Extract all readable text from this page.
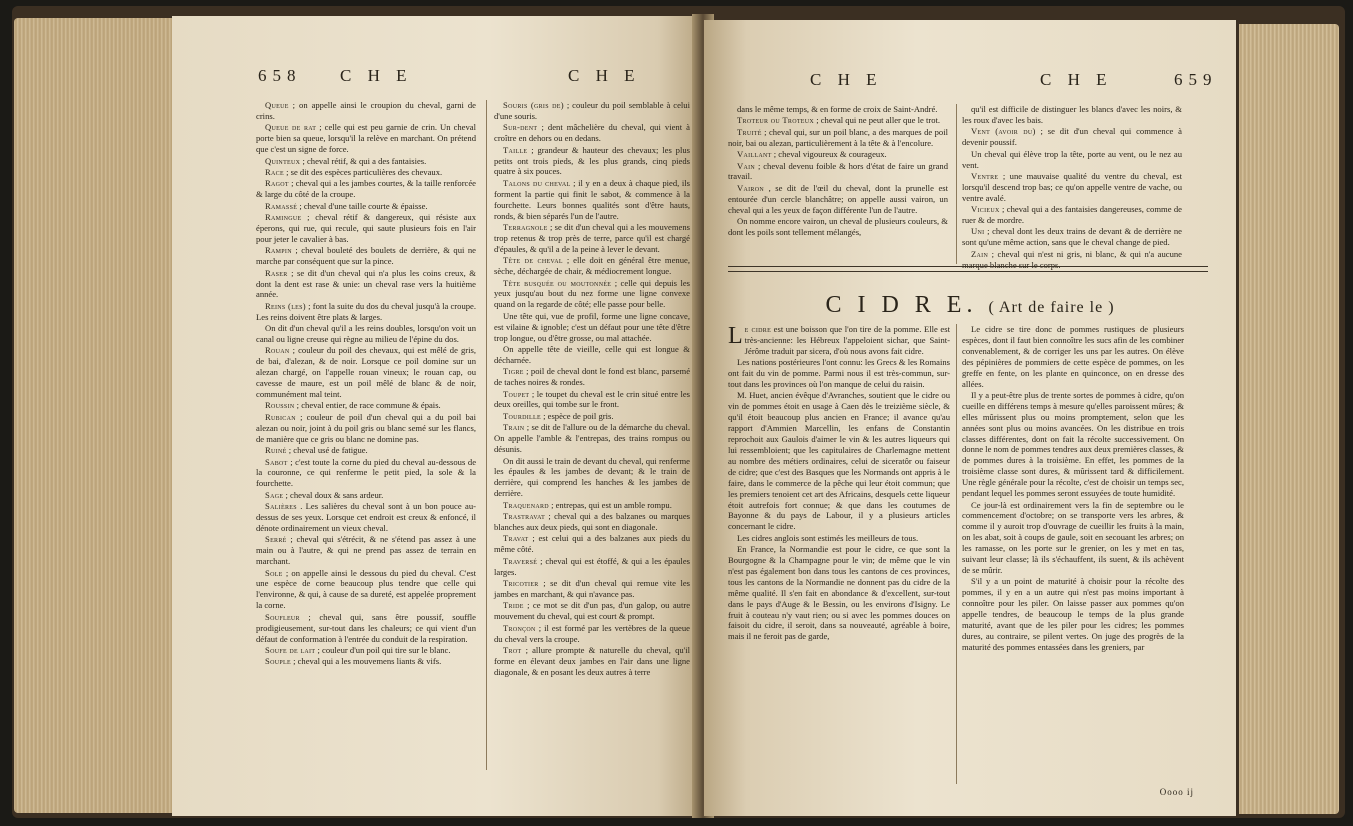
658 C H E	C H E

Queue ; on appelle ainsi le croupion du cheval, garni de crins.

Queue de rat ; celle qui est peu garnie de crin. Un cheval porte bien sa queue, lorsqu'il la relève en marchant. On prétend que c'est un signe de force.

Quinteux ; cheval rétif, & qui a des fantaisies.

Race ; se dit des espèces particulières des chevaux.

Ragot ; cheval qui a les jambes courtes, & la taille renforcée & large du côté de la croupe.

Ramassé ; cheval d'une taille courte & épaisse.

Ramingue ; cheval rétif & dangereux, qui résiste aux éperons, qui rue, qui recule, qui saute plusieurs fois en l'air pour jeter le cavalier à bas.

Rampin ; cheval bouleté des boulets de derrière, & qui ne marche par conséquent que sur la pince.

Raser ; se dit d'un cheval qui n'a plus les coins creux, & dont la dent est rase & unie: un cheval rase vers la huitième année.

Reins (les) ; font la suite du dos du cheval jusqu'à la croupe. Les reins doivent être plats & larges.

On dit d'un cheval qu'il a les reins doubles, lorsqu'on voit un canal ou ligne creuse qui règne au milieu de l'épine du dos.

Rouan ; couleur du poil des chevaux, qui est mêlé de gris, de bai, d'alezan, & de noir. Lorsque ce poil domine sur un alezan chargé, on l'appelle rouan vineux; le rouan cap, ou cavesse de maure, est un poil mêlé de blanc & de noir, communément mal teint.

Roussin ; cheval entier, de race commune & épais.

Rubican ; couleur de poil d'un cheval qui a du poil bai alezan ou noir, joint à du poil gris ou blanc semé sur les flancs, de manière que ce gris ou blanc ne domine pas.

Ruiné ; cheval usé de fatigue.

Sabot ; c'est toute la corne du pied du cheval au-dessous de la couronne, ce qui renferme le petit pied, la sole & la fourchette.

Sage ; cheval doux & sans ardeur.

Salières . Les salières du cheval sont à un bon pouce au-dessus de ses yeux. Lorsque cet endroit est creux & enfoncé, il dénote ordinairement un vieux cheval.

Serré ; cheval qui s'étrécit, & ne s'étend pas assez à une main ou à l'autre, & qui ne prend pas assez de terrain en marchant.

Sole ; on appelle ainsi le dessous du pied du cheval. C'est une espèce de corne beaucoup plus tendre que celle qui l'environne, & qui, à cause de sa dureté, est appelée proprement la corne.

Soufleur ; cheval qui, sans être poussif, souffle prodigieusement, sur-tout dans les chaleurs; ce qui vient d'un défaut de conformation à l'entrée du conduit de la respiration.

Soufe de lait ; couleur d'un poil qui tire sur le blanc.

Souple ; cheval qui a les mouvemens liants & vifs.

Souris (gris de) ; couleur du poil semblable à celui d'une souris.

Sur-dent ; dent mâchelière du cheval, qui vient à croître en dehors ou en dedans.

Taille ; grandeur & hauteur des chevaux; les plus petits ont trois pieds, & les plus grands, cinq pieds quatre à six pouces.

Talons du cheval ; il y en a deux à chaque pied, ils forment la partie qui finit le sabot, & commence à la fourchette. Leurs bonnes qualités sont d'être hauts, ronds, & bien séparés l'un de l'autre.

Terragnole ; se dit d'un cheval qui a les mouvemens trop retenus & trop près de terre, parce qu'il est chargé d'épaules, & qu'il a de la peine à lever le devant.

Tête de cheval ; elle doit en général être menue, sèche, déchargée de chair, & médiocrement longue.

Tête busquée ou moutonnée ; celle qui depuis les yeux jusqu'au bout du nez forme une ligne convexe quand on la regarde de côté; elle passe pour belle.

Une tête qui, vue de profil, forme une ligne concave, est vilaine & ignoble; c'est un défaut pour une tête d'être trop longue, ou d'être grosse, ou mal attachée.

On appelle tête de vieille, celle qui est longue & décharnée.

Tigre ; poil de cheval dont le fond est blanc, parsemé de taches noires & rondes.

Toupet ; le toupet du cheval est le crin situé entre les deux oreilles, qui tombe sur le front.

Tourdille ; espèce de poil gris.

Train ; se dit de l'allure ou de la démarche du cheval. On appelle l'amble & l'entrepas, des trains rompus ou désunis.

On dit aussi le train de devant du cheval, qui renferme les épaules & les jambes de devant; & le train de derrière, qui comprend les hanches & les jambes de derrière.

Traquenard ; entrepas, qui est un amble rompu.

Trastravat ; cheval qui a des balzanes ou marques blanches aux deux pieds, qui sont en diagonale.

Travat ; est celui qui a des balzanes aux pieds du même côté.

Traversé ; cheval qui est étoffé, & qui a les épaules larges.

Tricotier ; se dit d'un cheval qui remue vite les jambes en marchant, & qui n'avance pas.

Tride ; ce mot se dit d'un pas, d'un galop, ou autre mouvement du cheval, qui est court & prompt.

Tronçon ; il est formé par les vertèbres de la queue du cheval vers la croupe.

Trot ; allure prompte & naturelle du cheval, qu'il forme en élevant deux jambes en l'air dans une ligne diagonale, & en posant les deux autres à terre

C H E	C H E	659

dans le même temps, & en forme de croix de Saint-André.

Troteur ou Troteux ; cheval qui ne peut aller que le trot.

Truité ; cheval qui, sur un poil blanc, a des marques de poil noir, bai ou alezan, particulièrement à la tête & à l'encolure.

Vaillant ; cheval vigoureux & courageux.

Vain ; cheval devenu foible & hors d'état de faire un grand travail.

Vairon , se dit de l'œil du cheval, dont la prunelle est entourée d'un cercle blanchâtre; on appelle aussi vairon, un cheval qui a les yeux de façon différente l'un de l'autre.

On nomme encore vairon, un cheval de plusieurs couleurs, & dont les poils sont tellement mélangés,

qu'il est difficile de distinguer les blancs d'avec les noirs, & les roux d'avec les bais.

Vent (avoir du) ; se dit d'un cheval qui commence à devenir poussif.

Un cheval qui élève trop la tête, porte au vent, ou le nez au vent.

Ventre ; une mauvaise qualité du ventre du cheval, est lorsqu'il descend trop bas; ce qu'on appelle ventre de vache, ou ventre avalé.

Vicieux ; cheval qui a des fantaisies dangereuses, comme de ruer & de mordre.

Uni ; cheval dont les deux trains de devant & de derrière ne sont qu'une même action, sans que le cheval change de pied.

Zain ; cheval qui n'est ni gris, ni blanc, & qui n'a aucune marque blanche sur le corps.

C I D R E. ( Art de faire le )

Le cidre est une boisson que l'on tire de la pomme. Elle est très-ancienne: les Hébreux l'appeloient sichar, que Saint-Jérôme traduit par sicera, d'où nous avons fait cidre.

Les nations postérieures l'ont connu: les Grecs & les Romains ont fait du vin de pomme. Parmi nous il est très-commun, sur-tout dans les provinces où l'on manque de celui du raisin.

M. Huet, ancien évêque d'Avranches, soutient que le cidre ou vin de pommes étoit en usage à Caen dès le treizième siècle, & qu'il étoit beaucoup plus ancien en France; il avance qu'au rapport d'Ammien Marcellin, les enfans de Constantin reprochoit aux Gaulois d'aimer le vin & les autres liqueurs qui lui ressembloient; que les capitulaires de Charlemagne mettent au nombre des métiers ordinaires, celui de siceratôr ou faiseur de cidre; que c'est des Basques que les Normands ont appris à le faire, dans le commerce de la pêche qui leur étoit commun; que les premiers tenoient cet art des Africains, desquels cette liqueur étoit autrefois fort connue; & que dans les coutumes de Bayonne & du pays de Labour, il y a plusieurs articles concernant le cidre.

Les cidres anglois sont estimés les meilleurs de tous.

En France, la Normandie est pour le cidre, ce que sont la Bourgogne & la Champagne pour le vin; de même que le vin n'est pas également bon dans tous les cantons de ces provinces, tous les cantons de la Normandie ne donnent pas du cidre de la même qualité. Il s'en fait en abondance & d'excellent, sur-tout dans le pays d'Auge & le Bessin, ou les environs d'Isigny. Le fruit à couteau n'y vaut rien; ou si avec les pommes douces on faisoit du cidre, il seroit, dans sa nouveauté, agréable à boire, mais il ne feroit pas de garde,

Le cidre se tire donc de pommes rustiques de plusieurs espèces, dont il faut bien connoître les sucs afin de les combiner convenablement, & de corriger les uns par les autres. On élève des pépinières de pommiers de cette espèce de pommes, on les greffe en fente, on les plante en quinconce, on en dresse des allées.

Il y a peut-être plus de trente sortes de pommes à cidre, qu'on cueille en différens temps à mesure qu'elles paroissent mûres; & elles mûrissent plus ou moins promptement, selon que les années sont plus ou moins avancées. On les distribue en trois classes différentes, dont on fait la récolte successivement. On donne le nom de pommes tendres aux deux premières classes, & de pommes dures à la troisième. En effet, les pommes de la troisième classe sont dures, & mûrissent tard & difficilement. Une règle générale pour la récolte, c'est de choisir un temps sec, pendant lequel les pommes seront essuyées de toute humidité.

Ce jour-là est ordinairement vers la fin de septembre ou le commencement d'octobre; on se transporte vers les arbres, & comme il y auroit trop d'ouvrage de cueillir les fruits à la main, on les abat, soit à coups de gaule, soit en secouant les arbres; on les ramasse, on les porte sur le grenier, on les y met en tas, suivant leur classe; là ils s'échauffent, ils suent, & ils achèvent de se mûrir.

S'il y a un point de maturité à choisir pour la récolte des pommes, il y en a un autre qui n'est pas moins important à connoître pour les piler. On laisse passer aux pommes qu'on appelle tendres, de beaucoup le temps de la plus grande maturité, avant que de les piler pour les cidres; les pommes dures, au contraire, se pilent vertes. On juge des progrès de la maturité des pommes entassées dans les greniers, par

Oooo ij
